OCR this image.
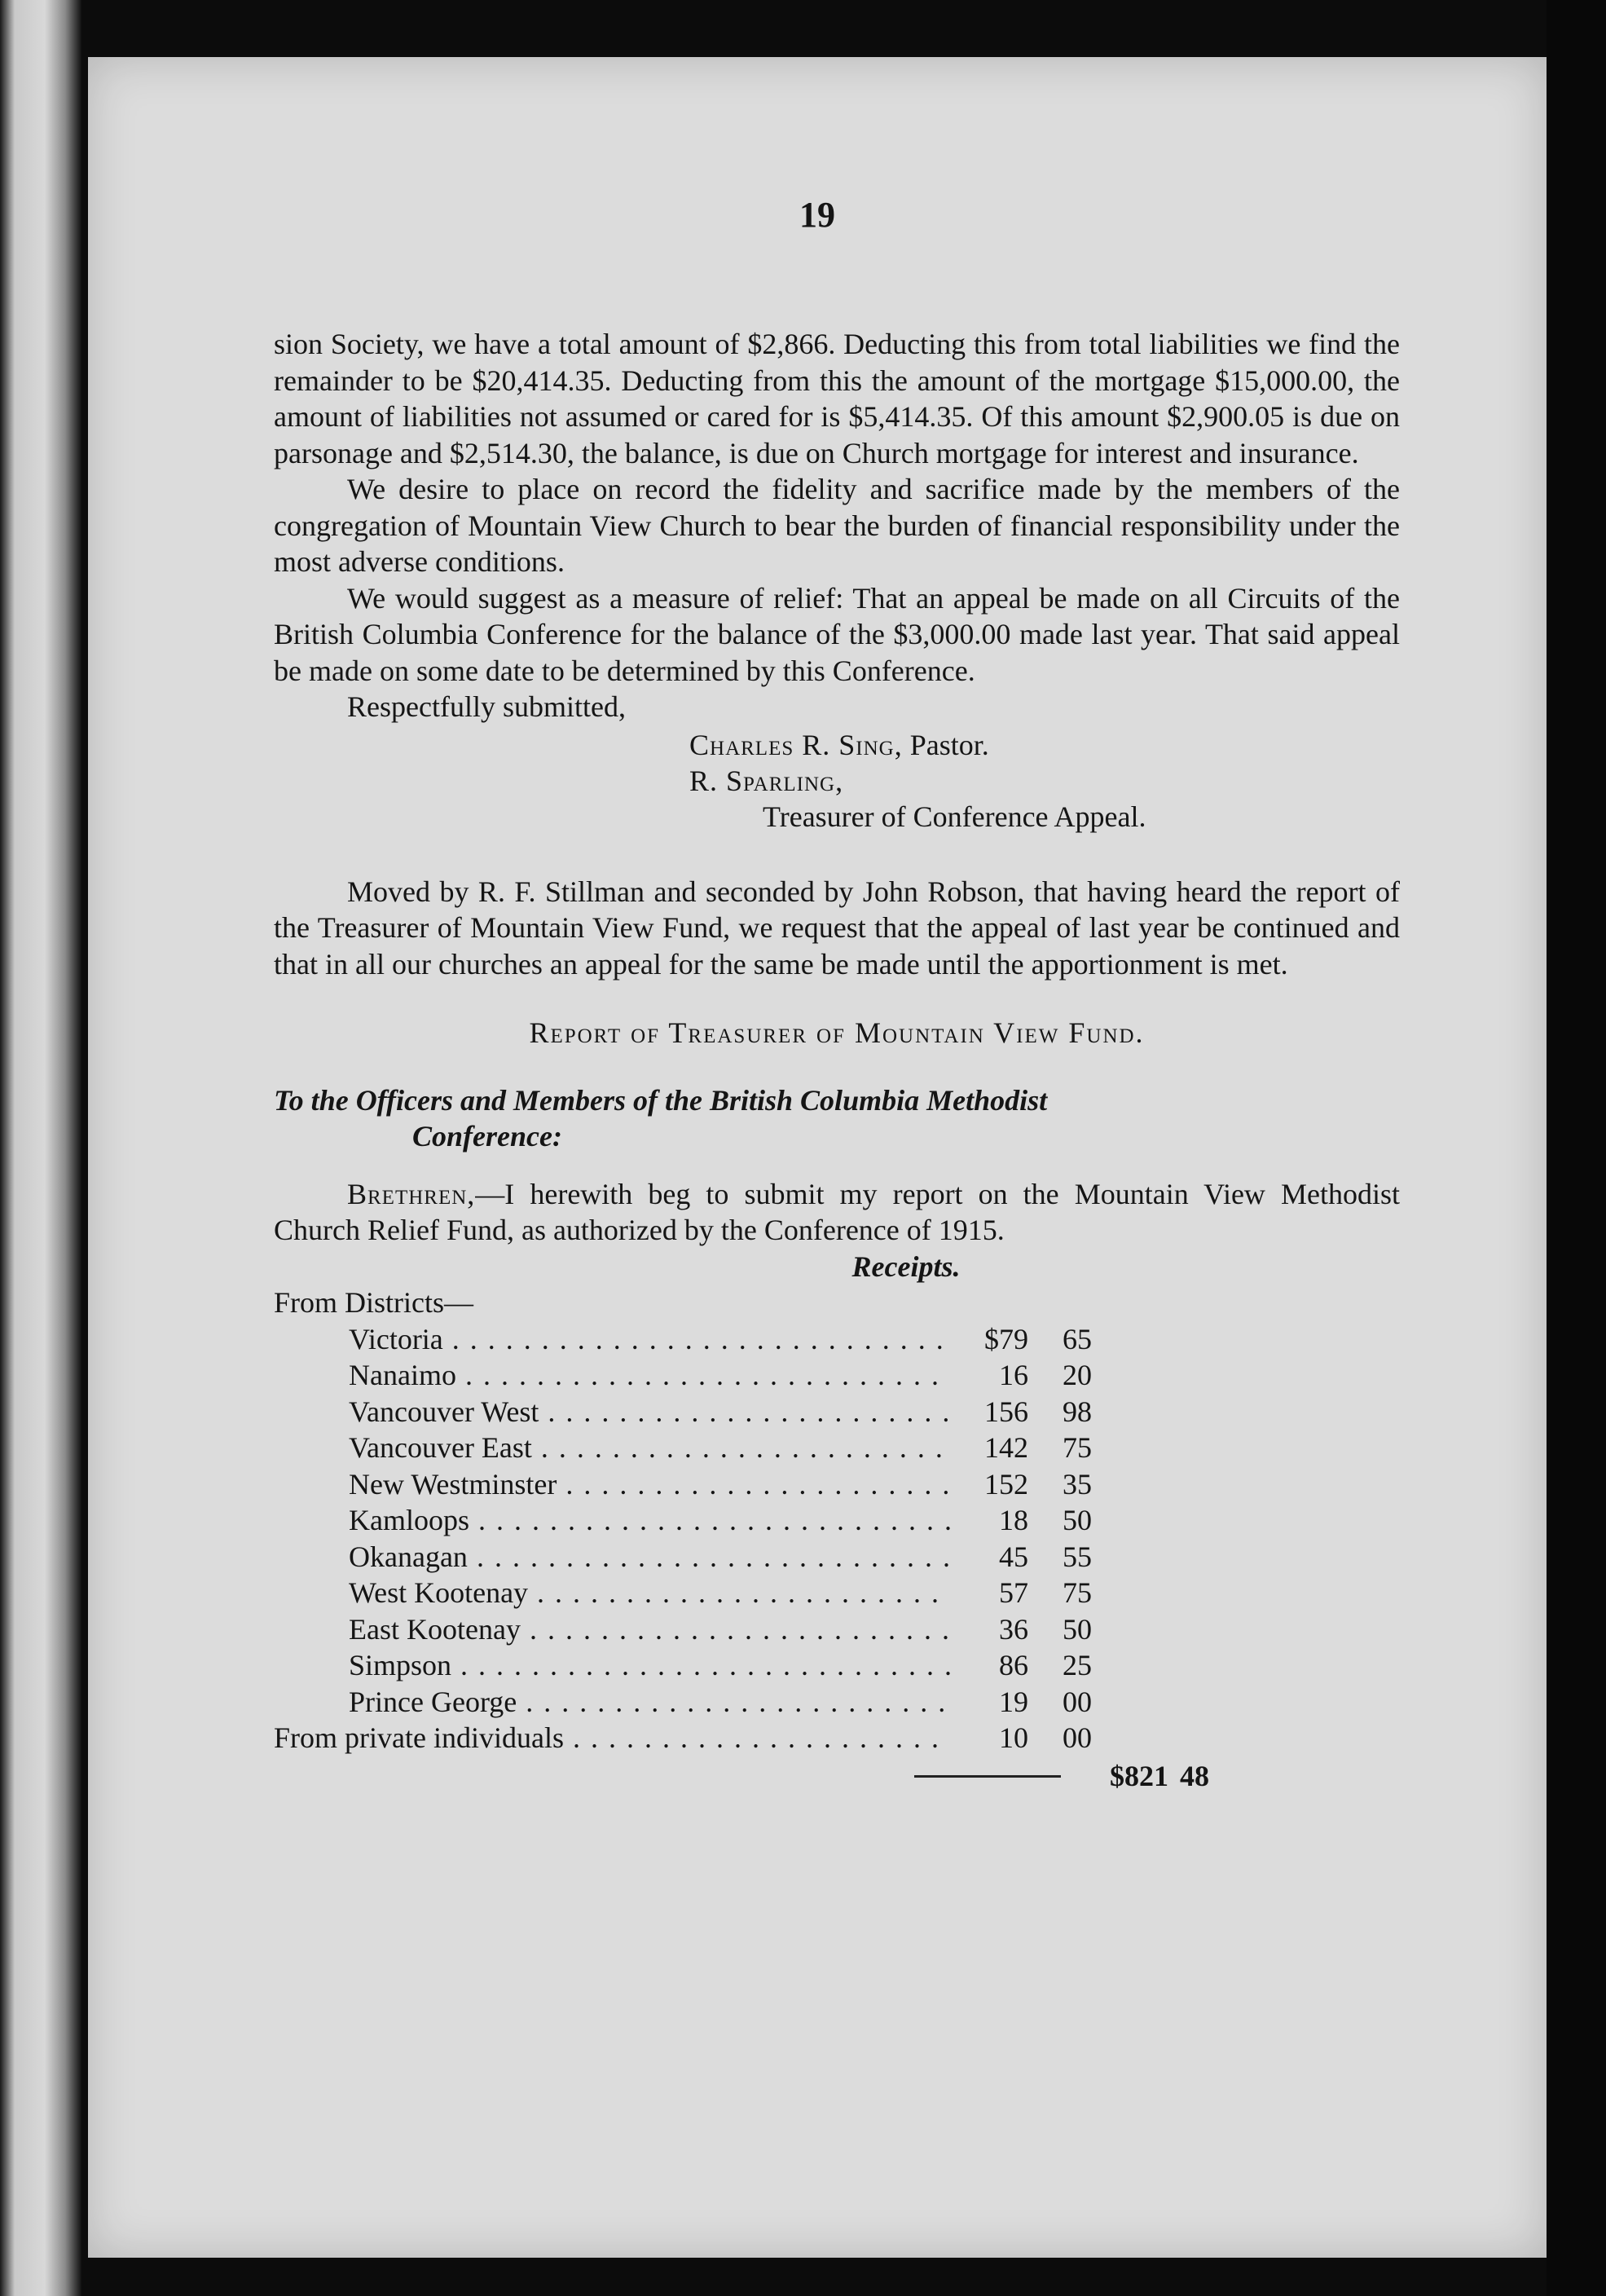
19

sion Society, we have a total amount of $2,866. Deducting this from total liabilities we find the remainder to be $20,414.35. Deducting from this the amount of the mortgage $15,000.00, the amount of liabilities not assumed or cared for is $5,414.35. Of this amount $2,900.05 is due on parsonage and $2,514.30, the balance, is due on Church mortgage for interest and insurance.

We desire to place on record the fidelity and sacrifice made by the members of the congregation of Mountain View Church to bear the burden of financial responsibility under the most adverse conditions.

We would suggest as a measure of relief: That an appeal be made on all Circuits of the British Columbia Conference for the balance of the $3,000.00 made last year. That said appeal be made on some date to be determined by this Conference.

Respectfully submitted,

Charles R. Sing, Pastor.
R. Sparling,
Treasurer of Conference Appeal.

Moved by R. F. Stillman and seconded by John Robson, that having heard the report of the Treasurer of Mountain View Fund, we request that the appeal of last year be continued and that in all our churches an appeal for the same be made until the apportionment is met.

Report of Treasurer of Mountain View Fund.
To the Officers and Members of the British Columbia Methodist
Conference:

Brethren,—I herewith beg to submit my report on the Mountain View Methodist Church Relief Fund, as authorized by the Conference of 1915.

Receipts.
From Districts—
Victoria . . .	$79	65
Nanaimo . . .	16	20
Vancouver West . . .	156	98
Vancouver East . . .	142	75
New Westminster . . .	152	35
Kamloops . . .	18	50
Okanagan . . .	45	55
West Kootenay . . .	57	75
East Kootenay . . .	36	50
Simpson . . .	86	25
Prince George . . .	19	00
From private individuals . . .	10	00
$821 48
